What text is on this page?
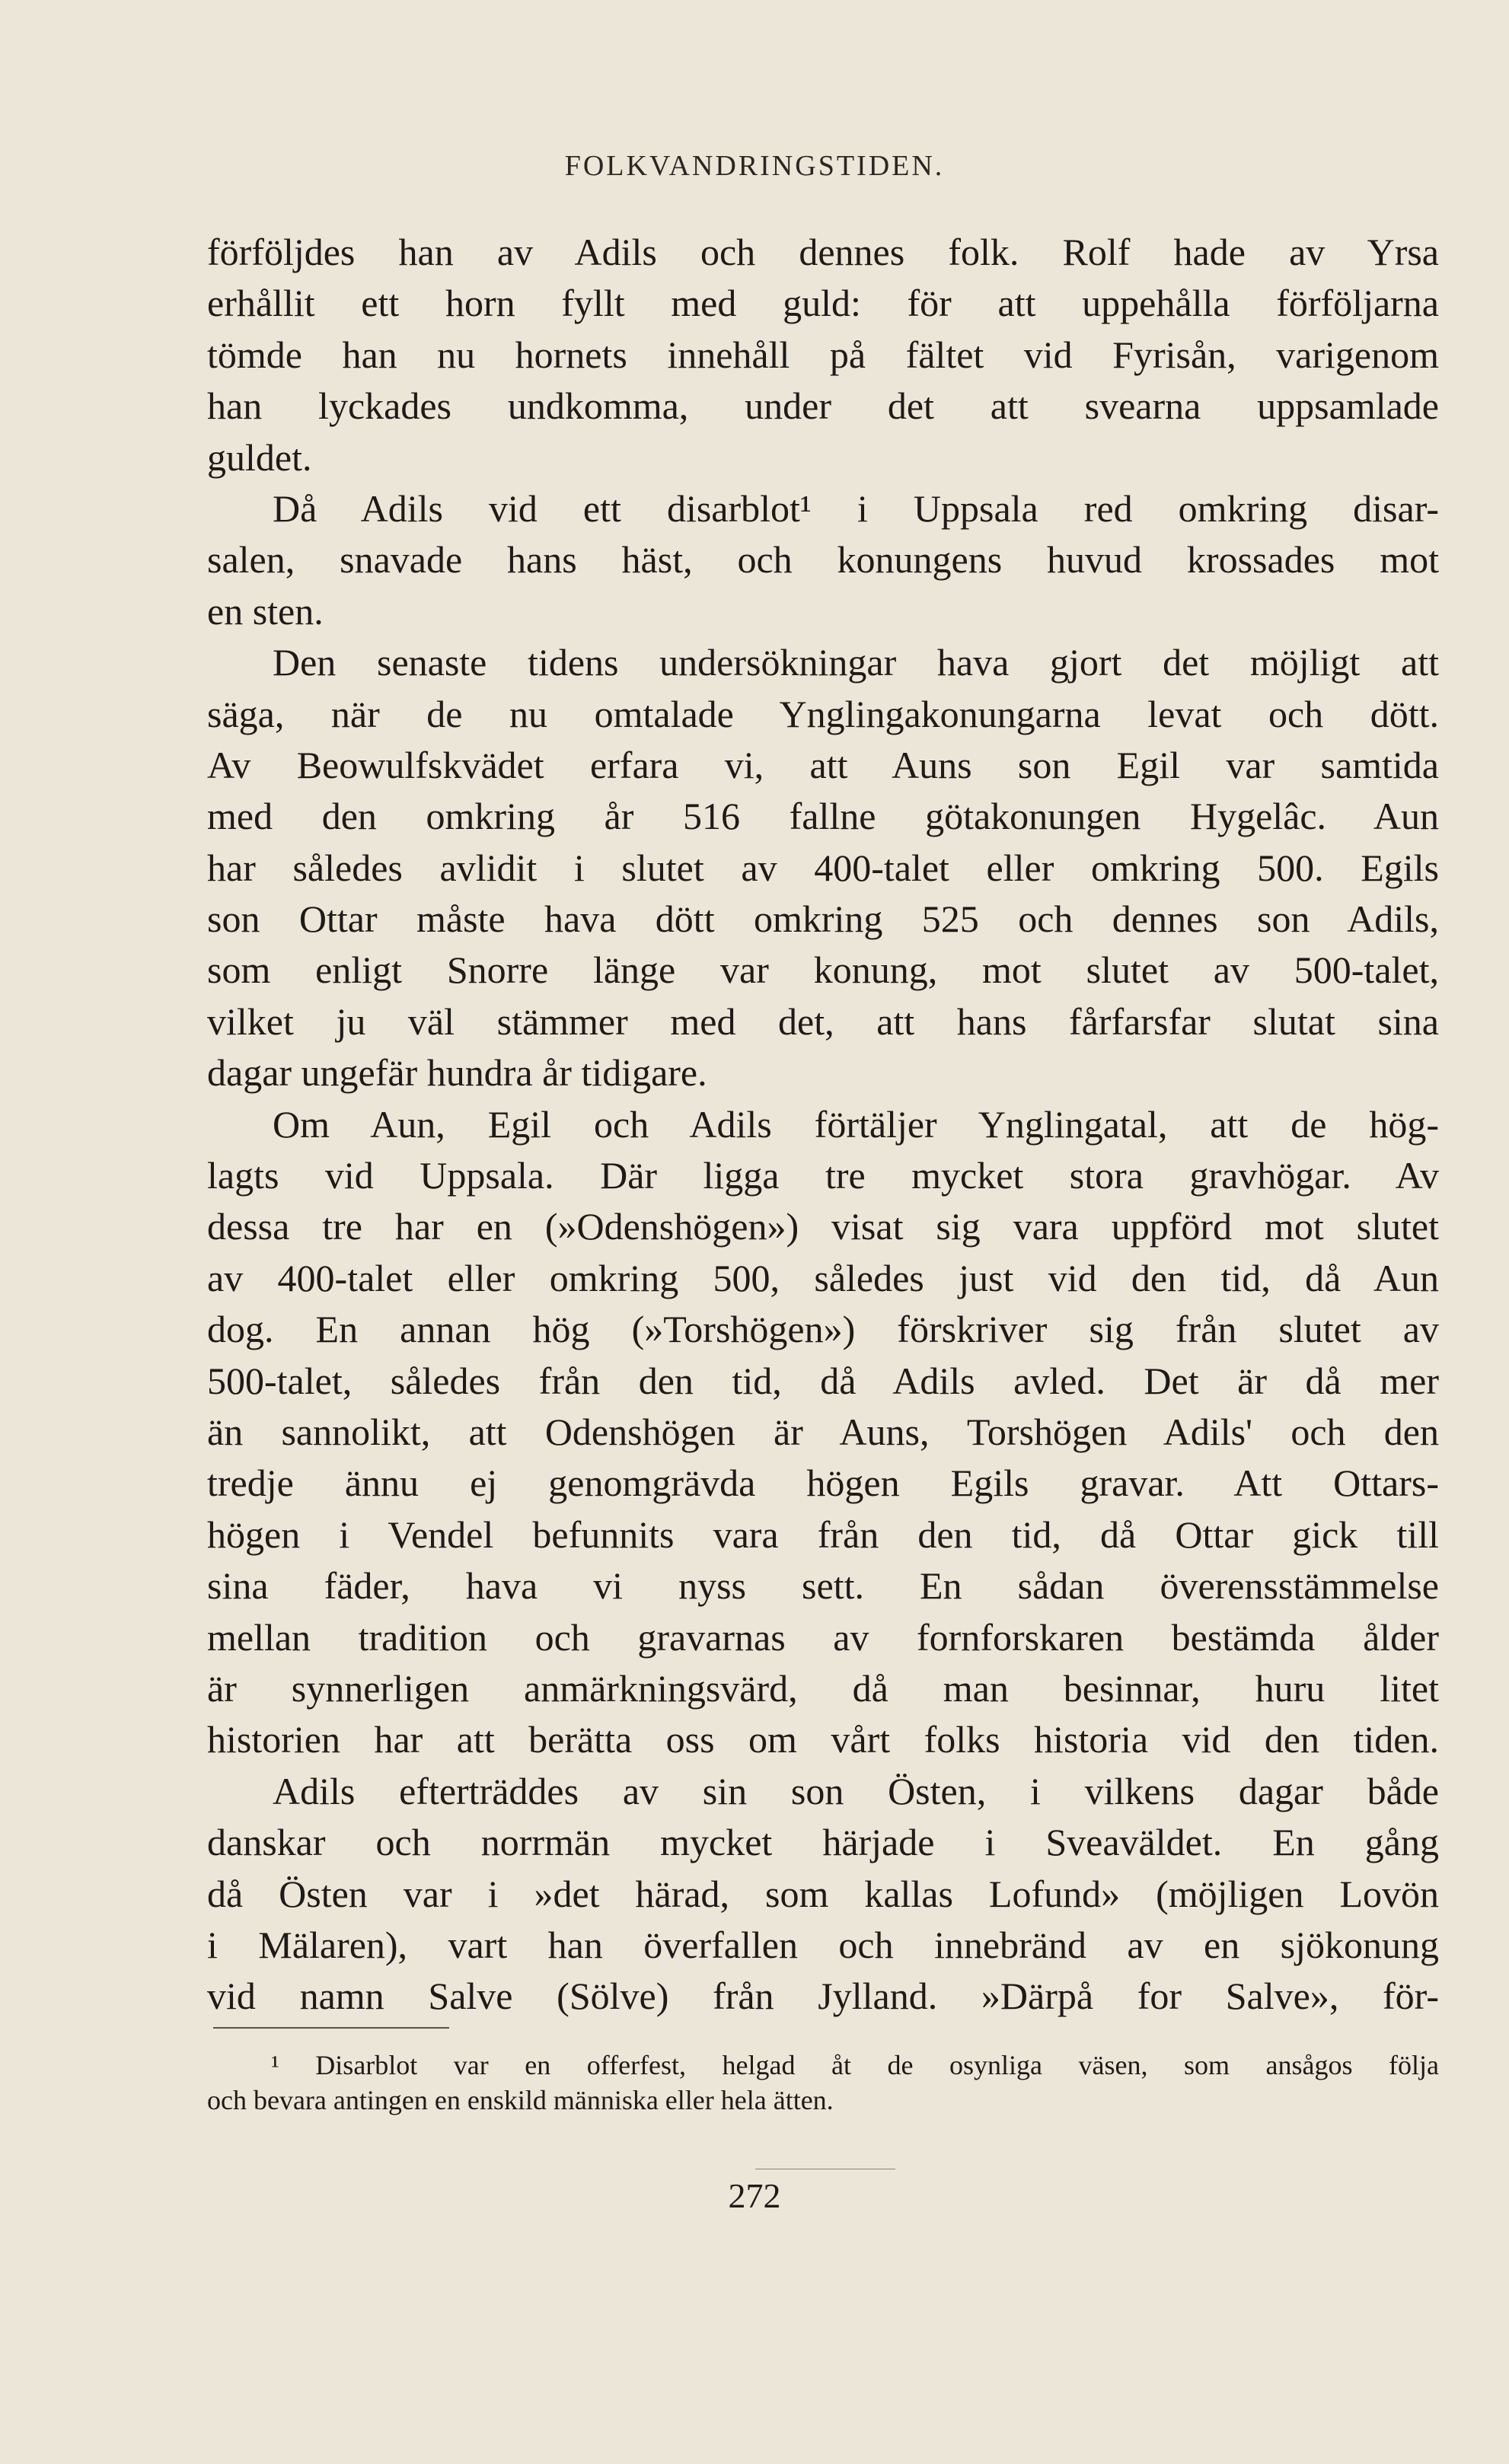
FOLKVANDRINGSTIDEN.
förföljdes han av Adils och dennes folk. Rolf hade av Yrsa
erhållit ett horn fyllt med guld: för att uppehålla förföljarna
tömde han nu hornets innehåll på fältet vid Fyrisån, varigenom
han lyckades undkomma, under det att svearna uppsamlade
guldet.
Då Adils vid ett disarblot¹ i Uppsala red omkring disar-
salen, snavade hans häst, och konungens huvud krossades mot
en sten.
Den senaste tidens undersökningar hava gjort det möjligt att
säga, när de nu omtalade Ynglingakonungarna levat och dött.
Av Beowulfskvädet erfara vi, att Auns son Egil var samtida
med den omkring år 516 fallne götakonungen Hygelâc. Aun
har således avlidit i slutet av 400-talet eller omkring 500. Egils
son Ottar måste hava dött omkring 525 och dennes son Adils,
som enligt Snorre länge var konung, mot slutet av 500-talet,
vilket ju väl stämmer med det, att hans fårfarsfar slutat sina
dagar ungefär hundra år tidigare.
Om Aun, Egil och Adils förtäljer Ynglingatal, att de hög-
lagts vid Uppsala. Där ligga tre mycket stora gravhögar. Av
dessa tre har en (»Odenshögen») visat sig vara uppförd mot slutet
av 400-talet eller omkring 500, således just vid den tid, då Aun
dog. En annan hög (»Torshögen») förskriver sig från slutet av
500-talet, således från den tid, då Adils avled. Det är då mer
än sannolikt, att Odenshögen är Auns, Torshögen Adils' och den
tredje ännu ej genomgrävda högen Egils gravar. Att Ottars-
högen i Vendel befunnits vara från den tid, då Ottar gick till
sina fäder, hava vi nyss sett. En sådan överensstämmelse
mellan tradition och gravarnas av fornforskaren bestämda ålder
är synnerligen anmärkningsvärd, då man besinnar, huru litet
historien har att berätta oss om vårt folks historia vid den tiden.
Adils efterträddes av sin son Östen, i vilkens dagar både
danskar och norrmän mycket härjade i Sveaväldet. En gång
då Östen var i »det härad, som kallas Lofund» (möjligen Lovön
i Mälaren), vart han överfallen och innebränd av en sjökonung
vid namn Salve (Sölve) från Jylland. »Därpå for Salve», för-
¹ Disarblot var en offerfest, helgad åt de osynliga väsen, som ansågos följa
och bevara antingen en enskild människa eller hela ätten.
272
